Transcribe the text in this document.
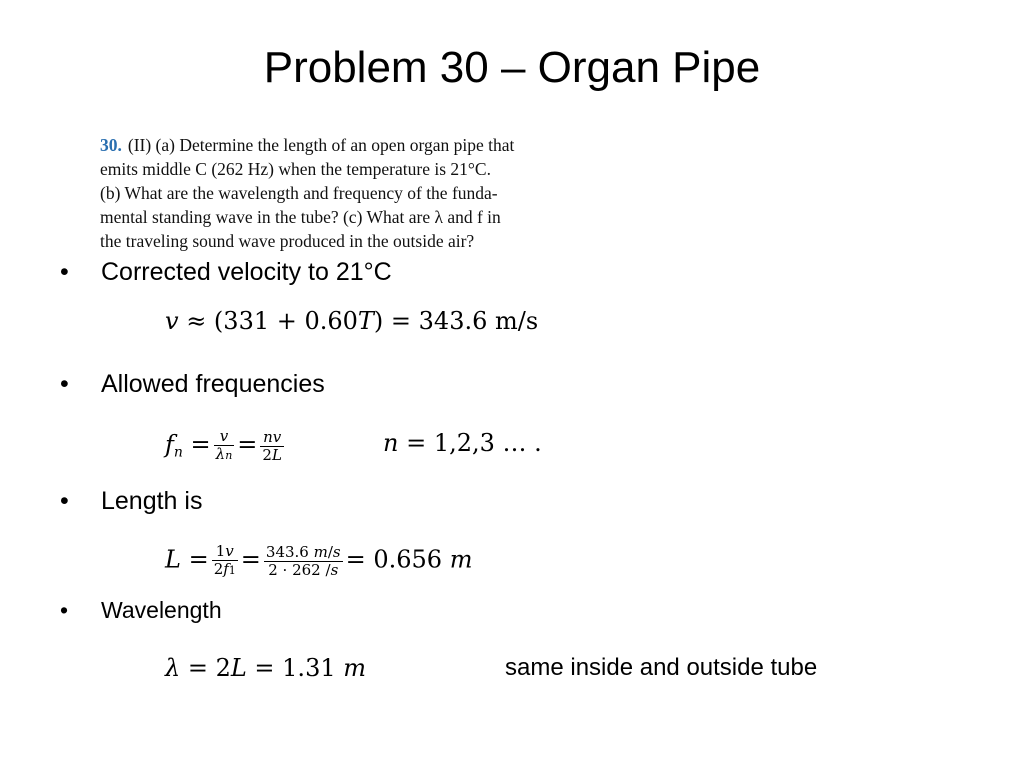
Problem 30 – Organ Pipe

30. (II) (a) Determine the length of an open organ pipe that

emits middle C (262 Hz) when the temperature is 21°C.

(b) What are the wavelength and frequency of the funda-

mental standing wave in the tube? (c) What are λ and f in

the traveling sound wave produced in the outside air?

• Corrected velocity to 21°C
v ≈ (331 + 0.60T) = 343.6 m/s
• Allowed frequencies
$f_n = \frac{v}{\lambda n} = \frac{nv}{2L}$	n = 1,2,3 … .
• Length is
$L = \frac{1v}{2f1} = \frac{343.6 m/s}{2 \cdot 262 /s} = 0.656$ m
• Wavelength
λ = 2L = 1.31 m	same inside and outside tube
